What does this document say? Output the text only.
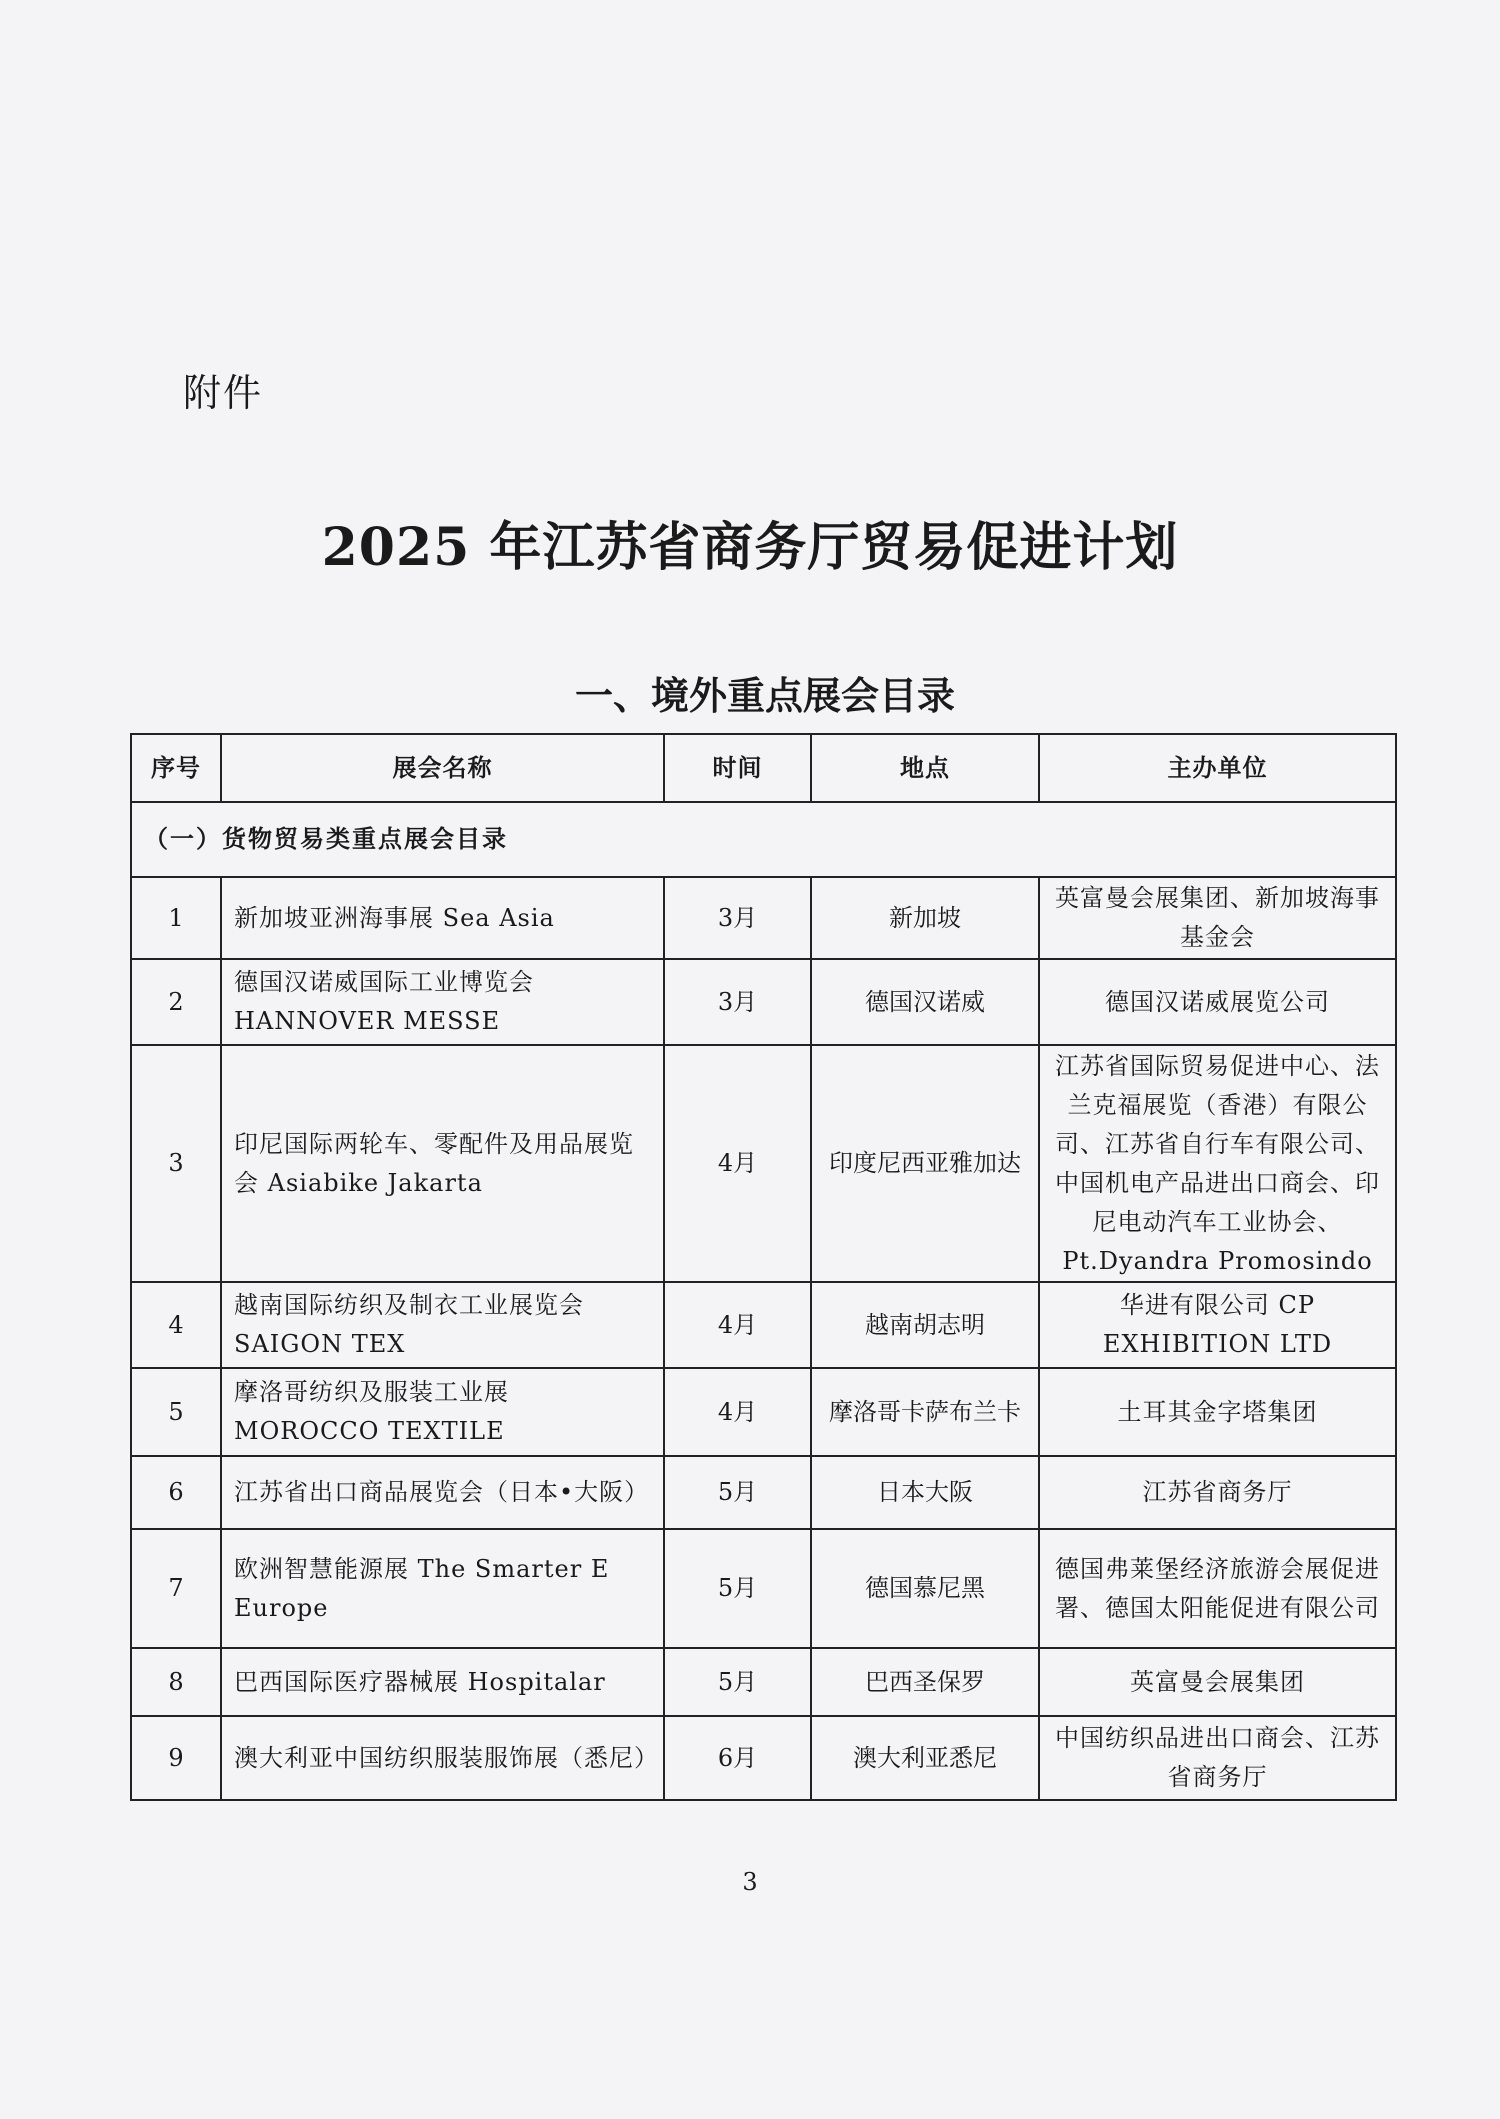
附件
2025 年江苏省商务厅贸易促进计划
一、境外重点展会目录
序号	展会名称	时间	地点	主办单位
（一）货物贸易类重点展会目录				
1	新加坡亚洲海事展 Sea Asia	3月	新加坡	英富曼会展集团、新加坡海事基金会
2	德国汉诺威国际工业博览会 HANNOVER MESSE	3月	德国汉诺威	德国汉诺威展览公司
3	印尼国际两轮车、零配件及用品展览会 Asiabike Jakarta	4月	印度尼西亚雅加达	江苏省国际贸易促进中心、法兰克福展览（香港）有限公司、江苏省自行车有限公司、中国机电产品进出口商会、印尼电动汽车工业协会、Pt.Dyandra Promosindo
4	越南国际纺织及制衣工业展览会 SAIGON TEX	4月	越南胡志明	华进有限公司 CP EXHIBITION LTD
5	摩洛哥纺织及服装工业展 MOROCCO TEXTILE	4月	摩洛哥卡萨布兰卡	土耳其金字塔集团
6	江苏省出口商品展览会（日本•大阪）	5月	日本大阪	江苏省商务厅
7	欧洲智慧能源展 The Smarter E Europe	5月	德国慕尼黑	德国弗莱堡经济旅游会展促进署、德国太阳能促进有限公司
8	巴西国际医疗器械展 Hospitalar	5月	巴西圣保罗	英富曼会展集团
9	澳大利亚中国纺织服装服饰展（悉尼）	6月	澳大利亚悉尼	中国纺织品进出口商会、江苏省商务厅
3
